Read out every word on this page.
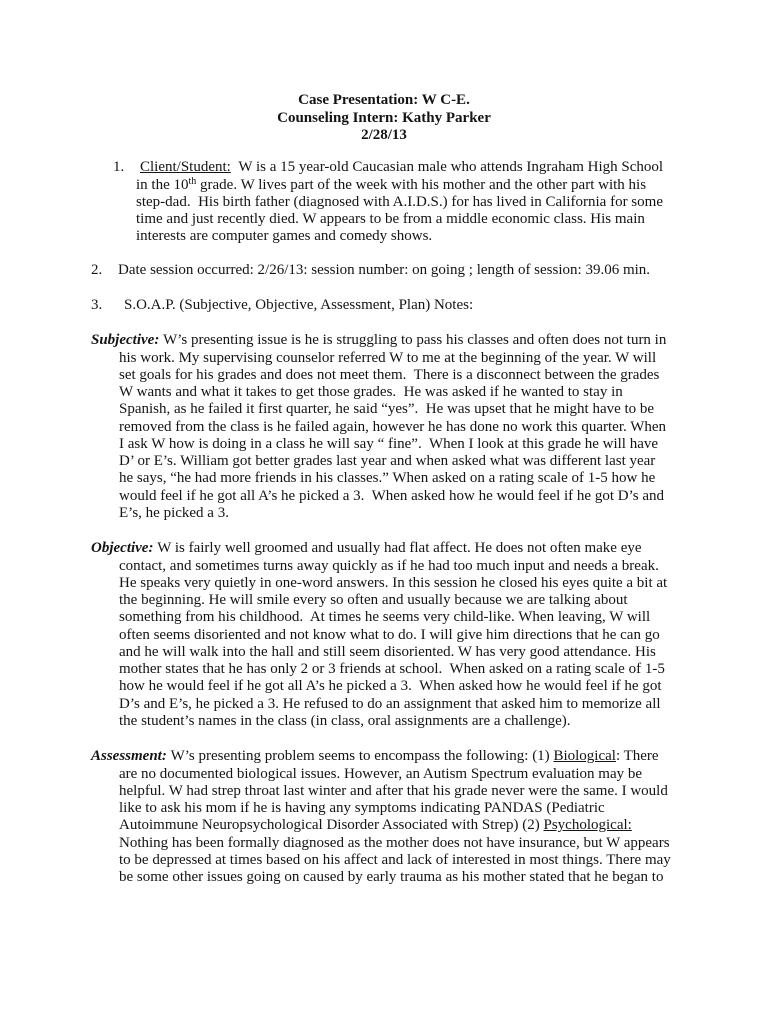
Case Presentation: W C-E.
Counseling Intern: Kathy Parker
2/28/13
1. Client/Student: W is a 15 year-old Caucasian male who attends Ingraham High School
in the 10th grade. W lives part of the week with his mother and the other part with his
step-dad.  His birth father (diagnosed with A.I.D.S.) for has lived in California for some
time and just recently died. W appears to be from a middle economic class. His main
interests are computer games and comedy shows.
2. Date session occurred: 2/26/13: session number: on going ; length of session: 39.06 min.
3. S.O.A.P. (Subjective, Objective, Assessment, Plan) Notes:
Subjective: W’s presenting issue is he is struggling to pass his classes and often does not turn in
his work. My supervising counselor referred W to me at the beginning of the year. W will
set goals for his grades and does not meet them.  There is a disconnect between the grades
W wants and what it takes to get those grades.  He was asked if he wanted to stay in
Spanish, as he failed it first quarter, he said “yes”.  He was upset that he might have to be
removed from the class is he failed again, however he has done no work this quarter. When
I ask W how is doing in a class he will say “ fine”.  When I look at this grade he will have
D’ or E’s. William got better grades last year and when asked what was different last year
he says, “he had more friends in his classes.” When asked on a rating scale of 1-5 how he
would feel if he got all A’s he picked a 3.  When asked how he would feel if he got D’s and
E’s, he picked a 3.
Objective: W is fairly well groomed and usually had flat affect. He does not often make eye
contact, and sometimes turns away quickly as if he had too much input and needs a break.
He speaks very quietly in one-word answers. In this session he closed his eyes quite a bit at
the beginning. He will smile every so often and usually because we are talking about
something from his childhood.  At times he seems very child-like. When leaving, W will
often seems disoriented and not know what to do. I will give him directions that he can go
and he will walk into the hall and still seem disoriented. W has very good attendance. His
mother states that he has only 2 or 3 friends at school.  When asked on a rating scale of 1-5
how he would feel if he got all A’s he picked a 3.  When asked how he would feel if he got
D’s and E’s, he picked a 3. He refused to do an assignment that asked him to memorize all
the student’s names in the class (in class, oral assignments are a challenge).
Assessment: W’s presenting problem seems to encompass the following: (1) Biological: There
are no documented biological issues. However, an Autism Spectrum evaluation may be
helpful. W had strep throat last winter and after that his grade never were the same. I would
like to ask his mom if he is having any symptoms indicating PANDAS (Pediatric
Autoimmune Neuropsychological Disorder Associated with Strep) (2) Psychological:
Nothing has been formally diagnosed as the mother does not have insurance, but W appears
to be depressed at times based on his affect and lack of interested in most things. There may
be some other issues going on caused by early trauma as his mother stated that he began to
